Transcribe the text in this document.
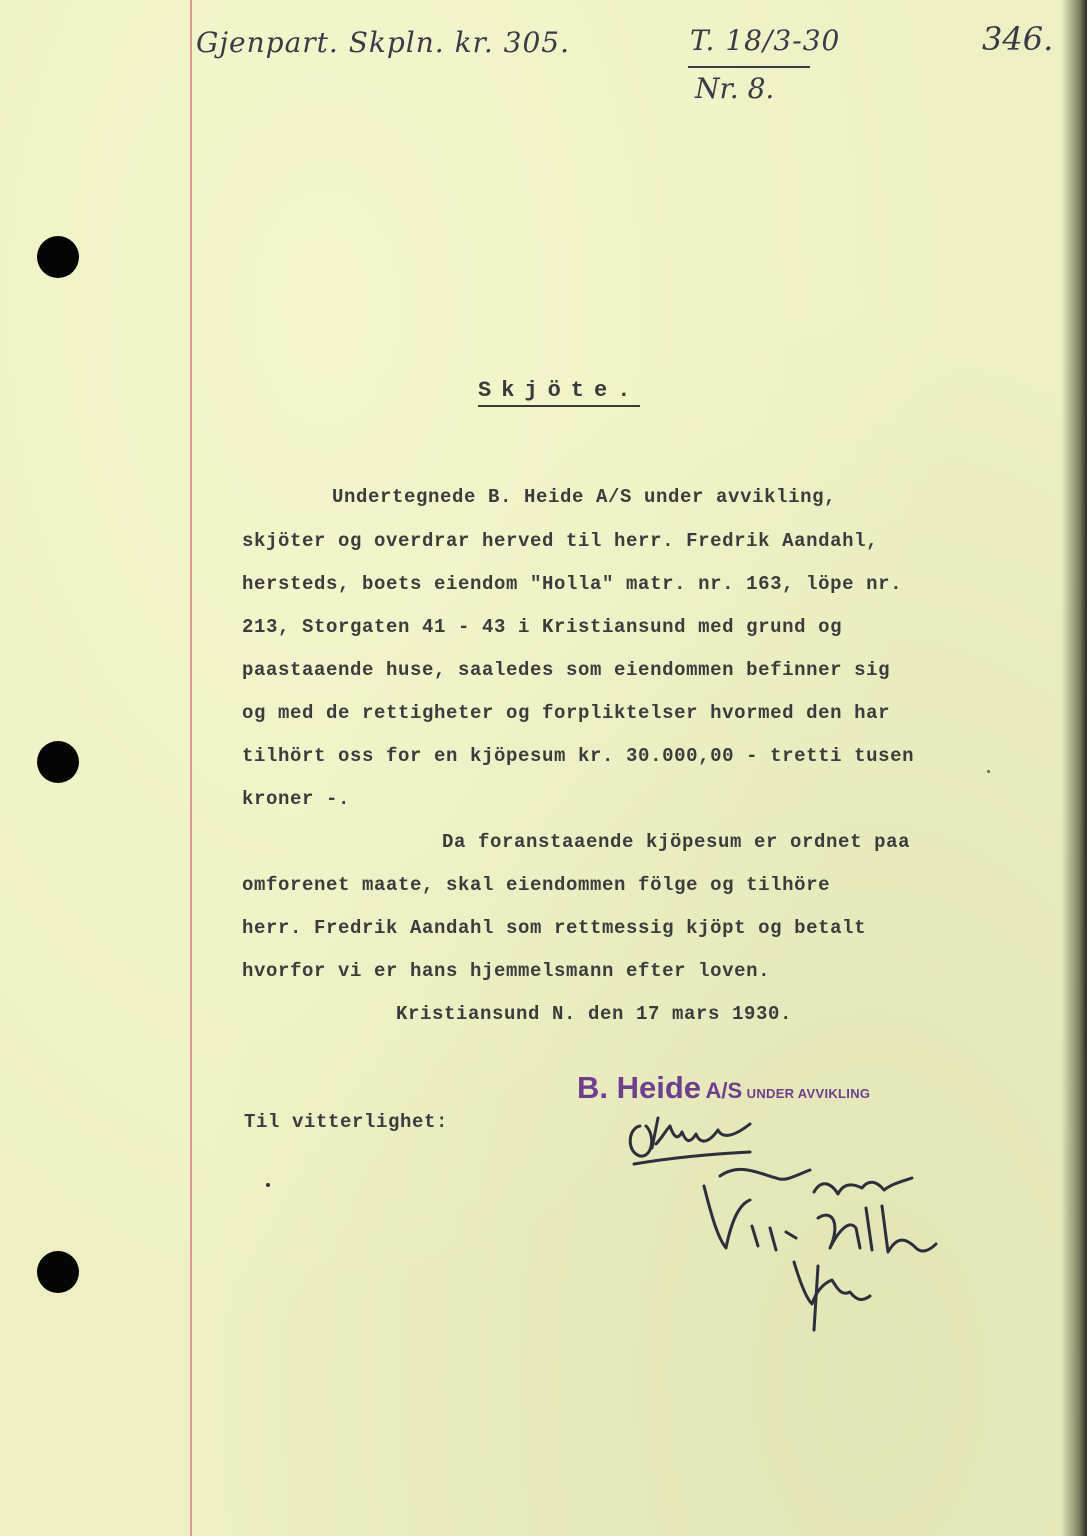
Gjenpart. Skpln. kr. 305.	T. 18/3-30
Nr. 8.
346.
Skjöte.
Undertegnede B. Heide A/S under avvikling,
skjöter og overdrar herved til herr. Fredrik Aandahl,
hersteds, boets eiendom "Holla" matr. nr. 163, löpe nr.
213, Storgaten 41 - 43 i Kristiansund med grund og
paastaaende huse, saaledes som eiendommen befinner sig
og med de rettigheter og forpliktelser hvormed den har
tilhört oss for en kjöpesum kr. 30.000,00 - tretti tusen
kroner -.
Da foranstaaende kjöpesum er ordnet paa
omforenet maate, skal eiendommen fölge og tilhöre
herr. Fredrik Aandahl som rettmessig kjöpt og betalt
hvorfor vi er hans hjemmelsmann efter loven.
Kristiansund N. den 17 mars 1930.
Til vitterlighet:
B. Heide A/S UNDER AVVIKLING
